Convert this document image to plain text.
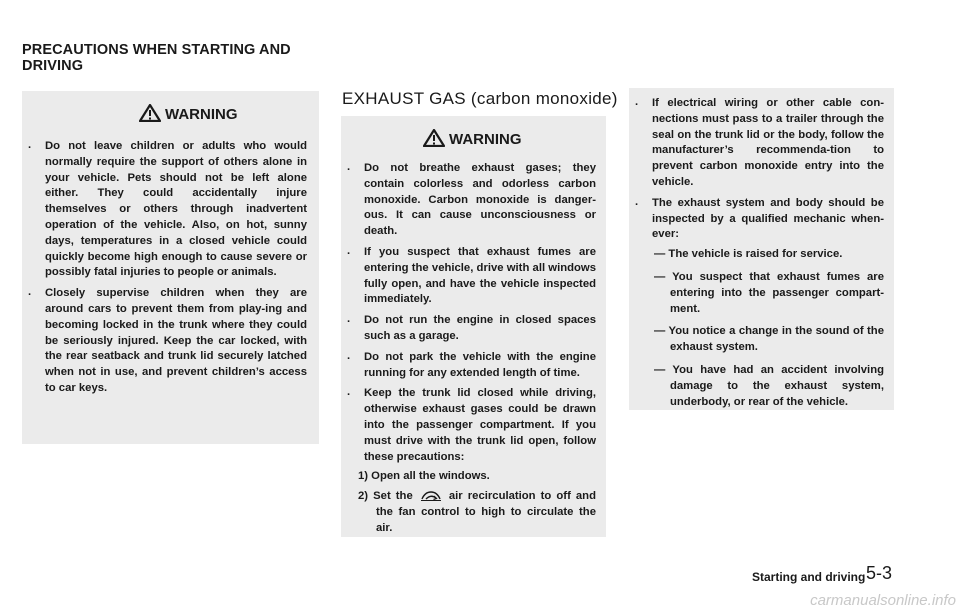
PRECAUTIONS WHEN STARTING AND
DRIVING
WARNING
. Do not leave children or adults who would normally require the support of others alone in your vehicle. Pets should not be left alone either. They could accidentally injure themselves or others through inadvertent operation of the vehicle. Also, on hot, sunny days, temperatures in a closed vehicle could quickly become high enough to cause severe or possibly fatal injuries to people or animals.
. Closely supervise children when they are around cars to prevent them from play-ing and becoming locked in the trunk where they could be seriously injured. Keep the car locked, with the rear seatback and trunk lid securely latched when not in use, and prevent children’s access to car keys.
EXHAUST GAS (carbon monoxide)
WARNING
. Do not breathe exhaust gases; they contain colorless and odorless carbon monoxide. Carbon monoxide is danger-ous. It can cause unconsciousness or death.
. If you suspect that exhaust fumes are entering the vehicle, drive with all windows fully open, and have the vehicle inspected immediately.
. Do not run the engine in closed spaces such as a garage.
. Do not park the vehicle with the engine running for any extended length of time.
. Keep the trunk lid closed while driving, otherwise exhaust gases could be drawn into the passenger compartment. If you must drive with the trunk lid open, follow these precautions:
1) Open all the windows.
2) Set the	air recirculation to off and the fan control to high to circulate the air.
. If electrical wiring or other cable con-nections must pass to a trailer through the seal on the trunk lid or the body, follow the manufacturer’s recommenda-tion to prevent carbon monoxide entry into the vehicle.
. The exhaust system and body should be inspected by a qualified mechanic when-ever:
— The vehicle is raised for service.
— You suspect that exhaust fumes are entering into the passenger compart-ment.
— You notice a change in the sound of the exhaust system.
— You have had an accident involving damage to the exhaust system, underbody, or rear of the vehicle.
Starting and driving 5-3
carmanualsonline.info
